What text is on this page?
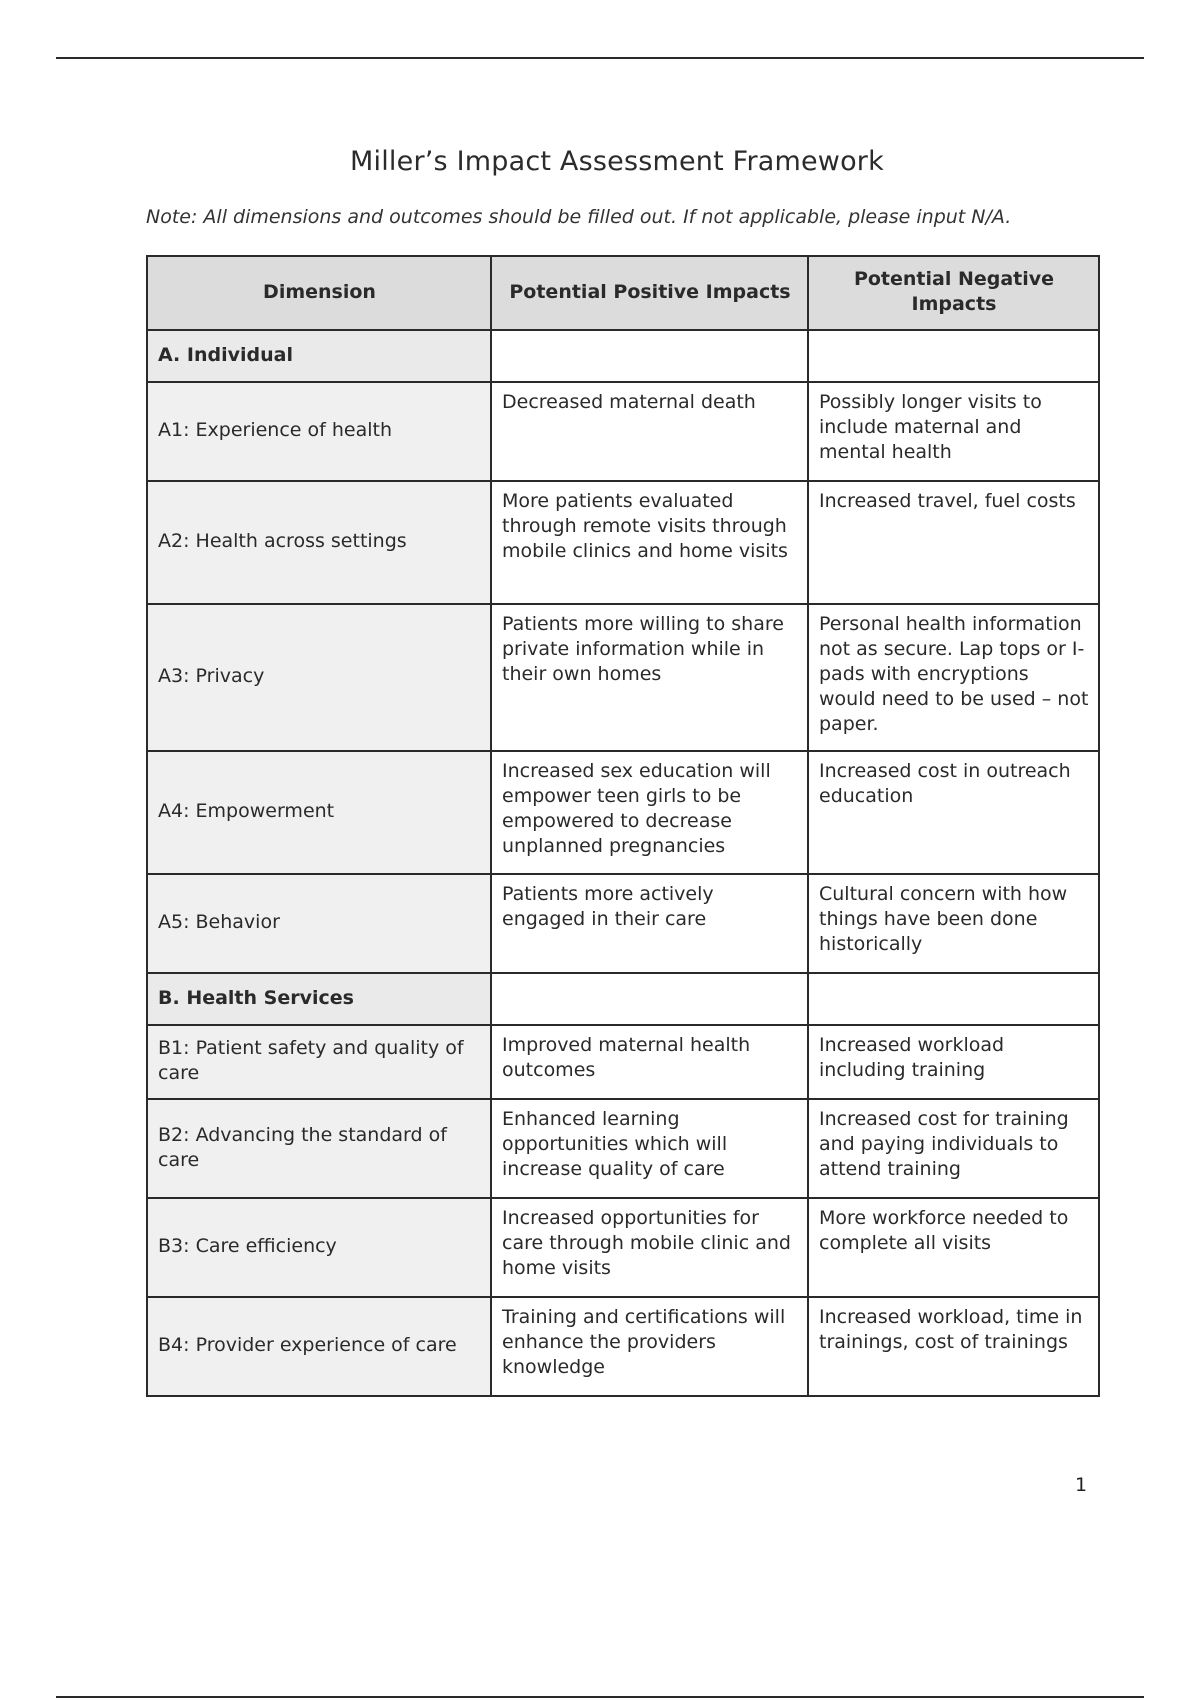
Miller’s Impact Assessment Framework
Note: All dimensions and outcomes should be filled out. If not applicable, please input N/A.
Dimension	Potential Positive Impacts	Potential Negative Impacts
A. Individual		
A1: Experience of health	Decreased maternal death	Possibly longer visits to include maternal and mental health
A2: Health across settings	More patients evaluated through remote visits through mobile clinics and home visits	Increased travel, fuel costs
A3: Privacy	Patients more willing to share private information while in their own homes	Personal health information not as secure. Lap tops or I-pads with encryptions would need to be used – not paper.
A4: Empowerment	Increased sex education will empower teen girls to be empowered to decrease unplanned pregnancies	Increased cost in outreach education
A5: Behavior	Patients more actively engaged in their care	Cultural concern with how things have been done historically
B. Health Services		
B1: Patient safety and quality of care	Improved maternal health outcomes	Increased workload including training
B2: Advancing the standard of care	Enhanced learning opportunities which will increase quality of care	Increased cost for training and paying individuals to attend training
B3: Care efficiency	Increased opportunities for care through mobile clinic and home visits	More workforce needed to complete all visits
B4: Provider experience of care	Training and certifications will enhance the providers knowledge	Increased workload, time in trainings, cost of trainings
1
